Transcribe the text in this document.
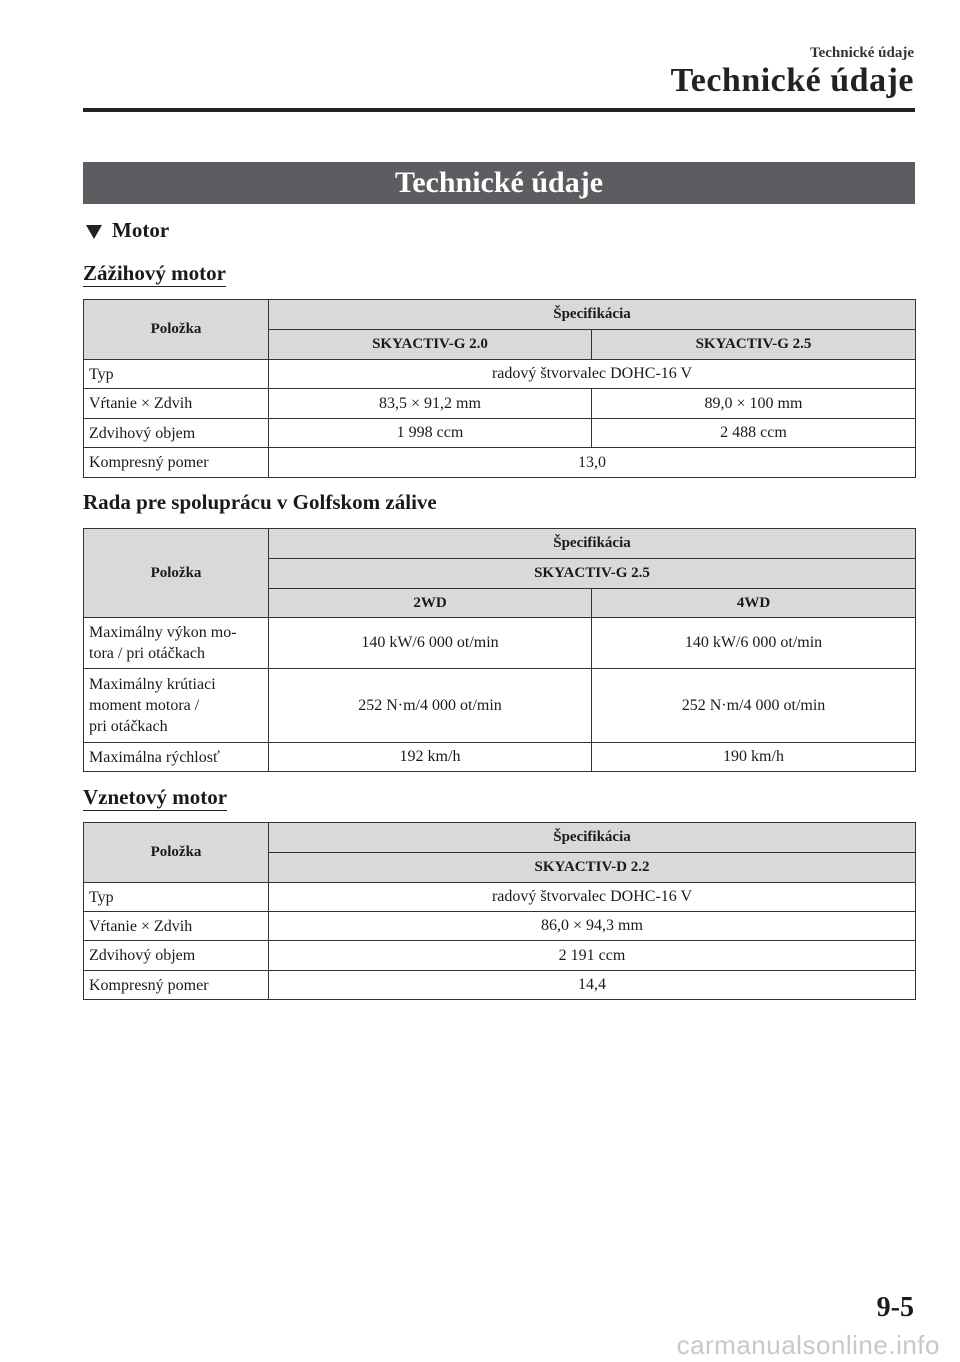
Technické údaje
Technické údaje
Technické údaje
Motor
Zážihový motor
Položka	Špecifikácia	
	SKYACTIV-G 2.0	SKYACTIV-G 2.5
Typ	radový štvorvalec DOHC-16 V	
Vŕtanie × Zdvih	83,5 × 91,2 mm	89,0 × 100 mm
Zdvihový objem	1 998 ccm	2 488 ccm
Kompresný pomer	13,0	
Rada pre spoluprácu v Golfskom zálive
Položka	Špecifikácia	
	SKYACTIV-G 2.5	
	2WD	4WD
Maximálny výkon mo-
tora / pri otáčkach	140 kW/6 000 ot/min	140 kW/6 000 ot/min
Maximálny krútiaci
moment motora /
pri otáčkach	252 N·m/4 000 ot/min	252 N·m/4 000 ot/min
Maximálna rýchlosť	192 km/h	190 km/h
Vznetový motor
Položka	Špecifikácia
	SKYACTIV-D 2.2
Typ	radový štvorvalec DOHC-16 V
Vŕtanie × Zdvih	86,0 × 94,3 mm
Zdvihový objem	2 191 ccm
Kompresný pomer	14,4
9-5
carmanualsonline.info
